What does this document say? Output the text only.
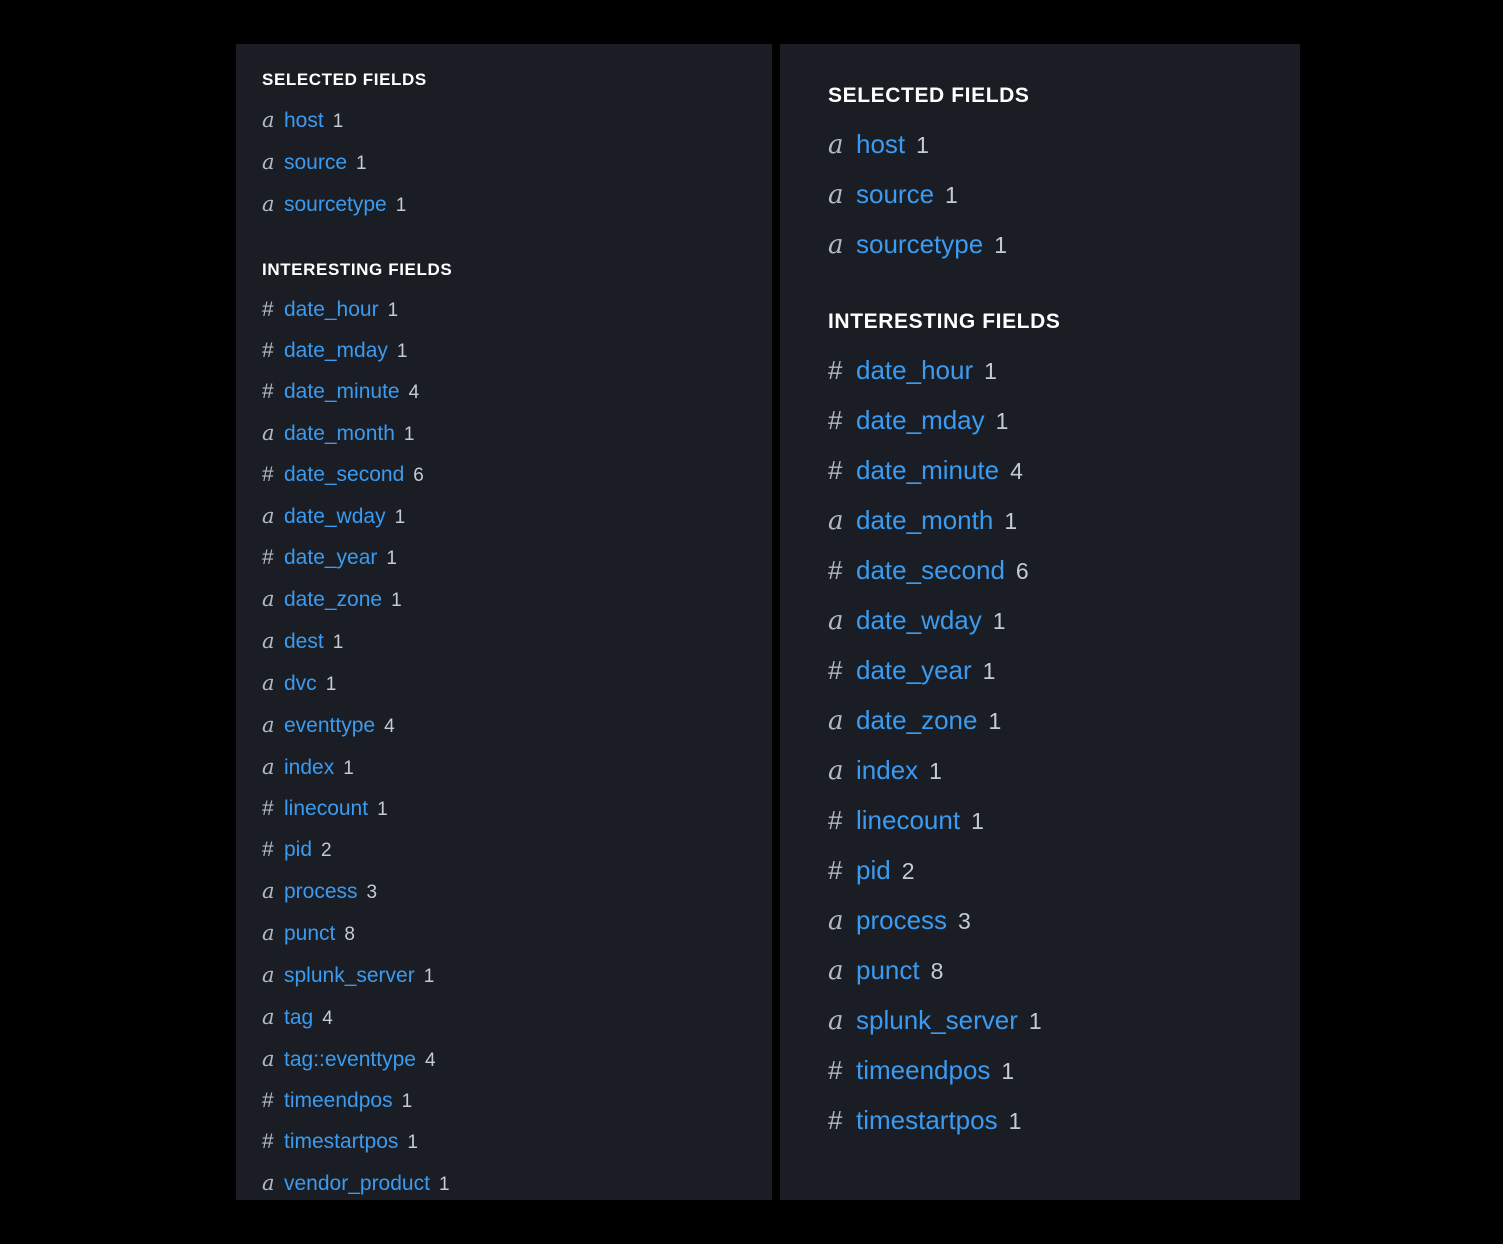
SELECTED FIELDS
a host 1
a source 1
a sourcetype 1
INTERESTING FIELDS
# date_hour 1
# date_mday 1
# date_minute 4
a date_month 1
# date_second 6
a date_wday 1
# date_year 1
a date_zone 1
a dest 1
a dvc 1
a eventtype 4
a index 1
# linecount 1
# pid 2
a process 3
a punct 8
a splunk_server 1
a tag 4
a tag::eventtype 4
# timeendpos 1
# timestartpos 1
a vendor_product 1
SELECTED FIELDS
a host 1
a source 1
a sourcetype 1
INTERESTING FIELDS
# date_hour 1
# date_mday 1
# date_minute 4
a date_month 1
# date_second 6
a date_wday 1
# date_year 1
a date_zone 1
a index 1
# linecount 1
# pid 2
a process 3
a punct 8
a splunk_server 1
# timeendpos 1
# timestartpos 1
